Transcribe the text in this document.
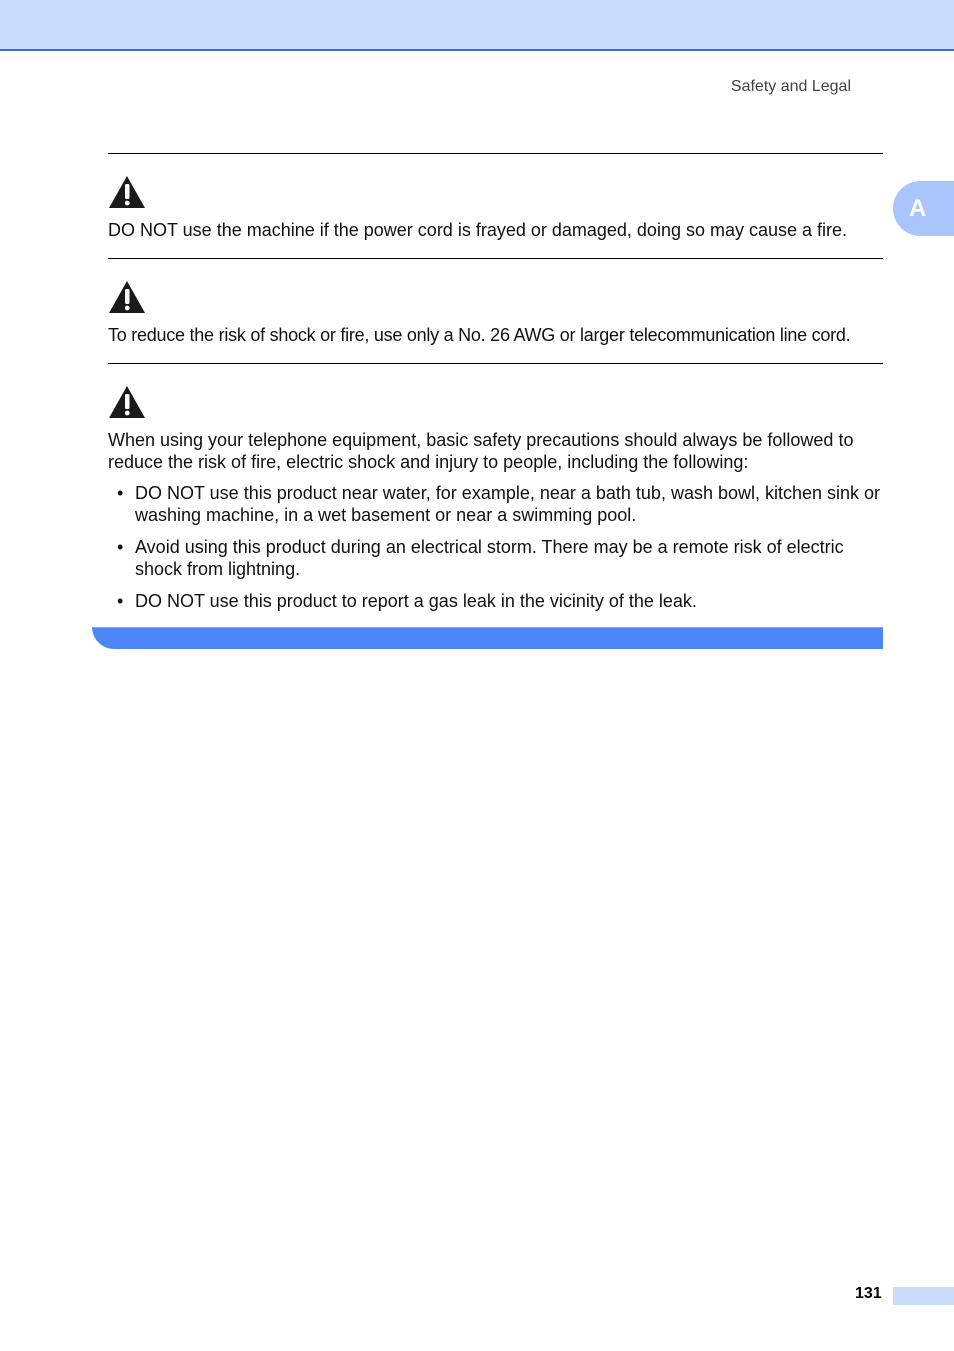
Safety and Legal
A
DO NOT use the machine if the power cord is frayed or damaged, doing so may cause a fire.
To reduce the risk of shock or fire, use only a No. 26 AWG or larger telecommunication line cord.
When using your telephone equipment, basic safety precautions should always be followed to reduce the risk of fire, electric shock and injury to people, including the following:
• DO NOT use this product near water, for example, near a bath tub, wash bowl, kitchen sink or washing machine, in a wet basement or near a swimming pool.
• Avoid using this product during an electrical storm. There may be a remote risk of electric shock from lightning.
• DO NOT use this product to report a gas leak in the vicinity of the leak.
131
